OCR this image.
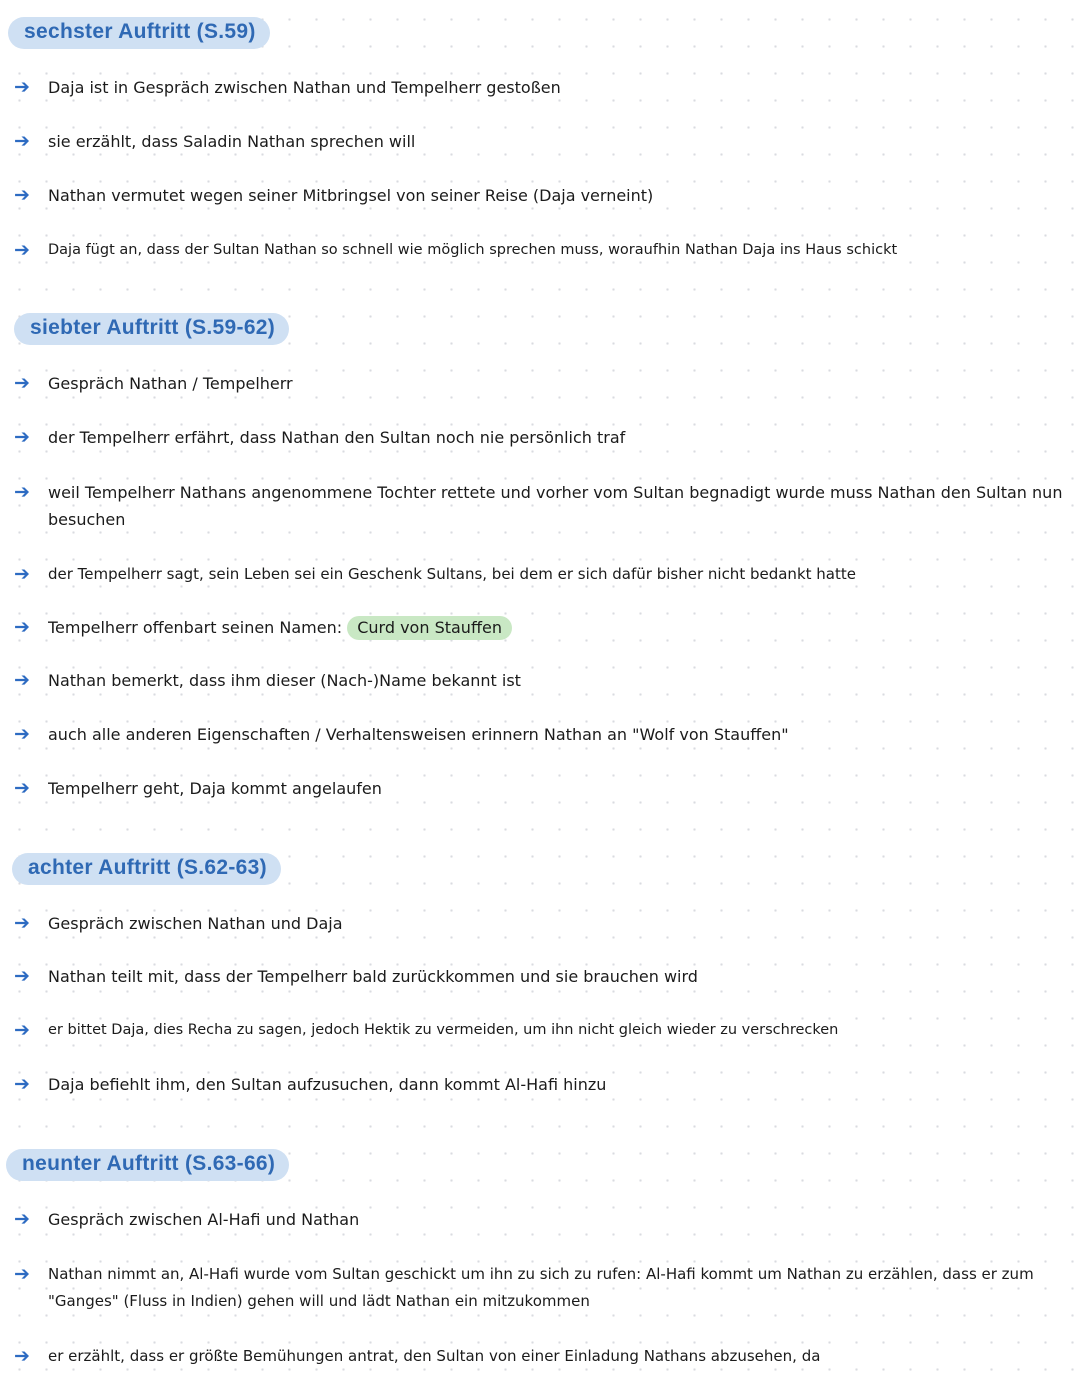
sechster Auftritt (S.59)
➔	Daja ist in Gespräch zwischen Nathan und Tempelherr gestoßen
➔	sie erzählt, dass Saladin Nathan sprechen will
➔	Nathan vermutet wegen seiner Mitbringsel von seiner Reise (Daja verneint)
➔	Daja fügt an, dass der Sultan Nathan so schnell wie möglich sprechen muss, woraufhin Nathan Daja ins Haus schickt
siebter Auftritt (S.59-62)
➔	Gespräch Nathan / Tempelherr
➔	der Tempelherr erfährt, dass Nathan den Sultan noch nie persönlich traf
➔	weil Tempelherr Nathans angenommene Tochter rettete und vorher vom Sultan begnadigt wurde muss Nathan den Sultan nun besuchen
➔	der Tempelherr sagt, sein Leben sei ein Geschenk Sultans, bei dem er sich dafür bisher nicht bedankt hatte
➔	Tempelherr offenbart seinen Namen: Curd von Stauffen
➔	Nathan bemerkt, dass ihm dieser (Nach-)Name bekannt ist
➔	auch alle anderen Eigenschaften / Verhaltensweisen erinnern Nathan an "Wolf von Stauffen"
➔	Tempelherr geht, Daja kommt angelaufen
achter Auftritt (S.62-63)
➔	Gespräch zwischen Nathan und Daja
➔	Nathan teilt mit, dass der Tempelherr bald zurückkommen und sie brauchen wird
➔	er bittet Daja, dies Recha zu sagen, jedoch Hektik zu vermeiden, um ihn nicht gleich wieder zu verschrecken
➔	Daja befiehlt ihm, den Sultan aufzusuchen, dann kommt Al-Hafi hinzu
neunter Auftritt (S.63-66)
➔	Gespräch zwischen Al-Hafi und Nathan
➔	Nathan nimmt an, Al-Hafi wurde vom Sultan geschickt um ihn zu sich zu rufen: Al-Hafi kommt um Nathan zu erzählen, dass er zum "Ganges" (Fluss in Indien) gehen will und lädt Nathan ein mitzukommen
➔	er erzählt, dass er größte Bemühungen antrat, den Sultan von einer Einladung Nathans abzusehen, da
